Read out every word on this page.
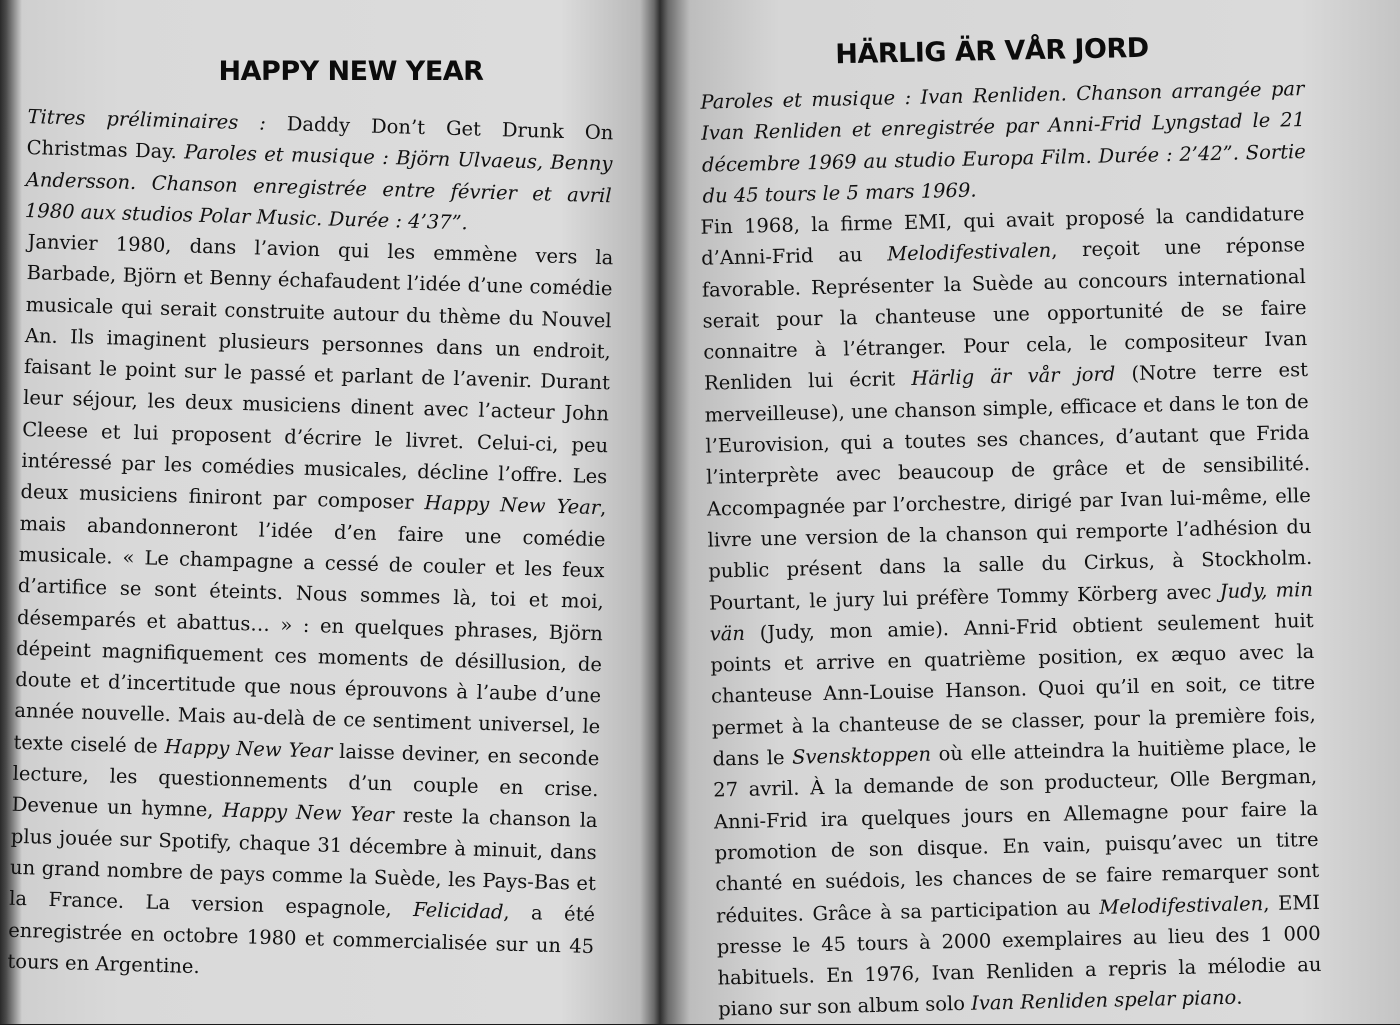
HAPPY NEW YEAR

Titres préliminaires : Daddy Don’t Get Drunk On Christmas Day. Paroles et musique : Björn Ulvaeus, Benny Andersson. Chanson enregistrée entre février et avril 1980 aux studios Polar Music. Durée : 4’37”.

Janvier 1980, dans l’avion qui les emmène vers la Barbade, Björn et Benny échafaudent l’idée d’une comédie musicale qui serait construite autour du thème du Nouvel An. Ils imaginent plusieurs personnes dans un endroit, faisant le point sur le passé et parlant de l’avenir. Durant leur séjour, les deux musiciens dinent avec l’acteur John Cleese et lui proposent d’écrire le livret. Celui-ci, peu intéressé par les comédies musicales, décline l’offre. Les deux musiciens finiront par composer Happy New Year, mais abandonneront l’idée d’en faire une comédie musicale. « Le champagne a cessé de couler et les feux d’artifice se sont éteints. Nous sommes là, toi et moi, désemparés et abattus… » : en quelques phrases, Björn dépeint magnifiquement ces moments de désillusion, de doute et d’incertitude que nous éprouvons à l’aube d’une année nouvelle. Mais au-delà de ce sentiment universel, le texte ciselé de Happy New Year laisse deviner, en seconde lecture, les questionnements d’un couple en crise. Devenue un hymne, Happy New Year reste la chanson la plus jouée sur Spotify, chaque 31 décembre à minuit, dans un grand nombre de pays comme la Suède, les Pays-Bas et la France. La version espagnole, Felicidad, a été enregistrée en octobre 1980 et commercialisée sur un 45 tours en Argentine.

HÄRLIG ÄR VÅR JORD

Paroles et musique : Ivan Renliden. Chanson arrangée par Ivan Renliden et enregistrée par Anni-Frid Lyngstad le 21 décembre 1969 au studio Europa Film. Durée : 2’42”. Sortie du 45 tours le 5 mars 1969.

Fin 1968, la firme EMI, qui avait proposé la candidature d’Anni-Frid au Melodifestivalen, reçoit une réponse favorable. Représenter la Suède au concours international serait pour la chanteuse une opportunité de se faire connaitre à l’étranger. Pour cela, le compositeur Ivan Renliden lui écrit Härlig är vår jord (Notre terre est merveilleuse), une chanson simple, efficace et dans le ton de l’Eurovision, qui a toutes ses chances, d’autant que Frida l’interprète avec beaucoup de grâce et de sensibilité. Accompagnée par l’orchestre, dirigé par Ivan lui-même, elle livre une version de la chanson qui remporte l’adhésion du public présent dans la salle du Cirkus, à Stockholm. Pourtant, le jury lui préfère Tommy Körberg avec Judy, min vän (Judy, mon amie). Anni-Frid obtient seulement huit points et arrive en quatrième position, ex æquo avec la chanteuse Ann-Louise Hanson. Quoi qu’il en soit, ce titre permet à la chanteuse de se classer, pour la première fois, dans le Svensktoppen où elle atteindra la huitième place, le 27 avril. À la demande de son producteur, Olle Bergman, Anni-Frid ira quelques jours en Allemagne pour faire la promotion de son disque. En vain, puisqu’avec un titre chanté en suédois, les chances de se faire remarquer sont réduites. Grâce à sa participation au Melodifestivalen, EMI presse le 45 tours à 2000 exemplaires au lieu des 1 000 habituels. En 1976, Ivan Renliden a repris la mélodie au piano sur son album solo Ivan Renliden spelar piano.
